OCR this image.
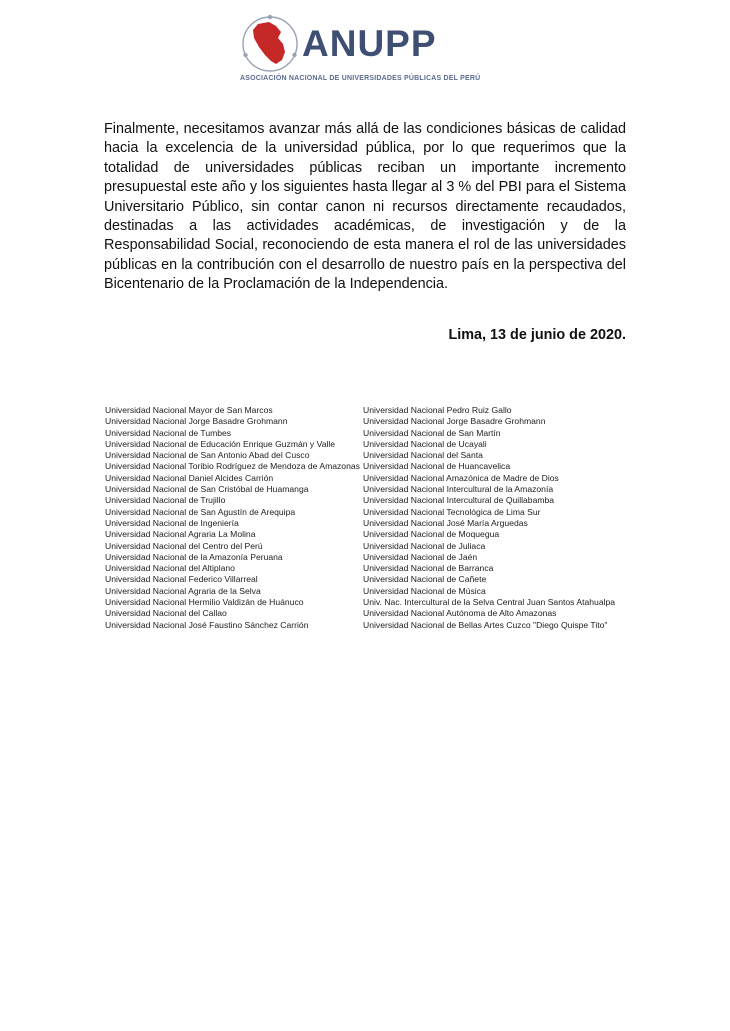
ANUPP
ASOCIACIÓN NACIONAL DE UNIVERSIDADES PÚBLICAS DEL PERÚ
Finalmente, necesitamos avanzar más allá de las condiciones básicas de calidad hacia la excelencia de la universidad pública, por lo que requerimos que la totalidad de universidades públicas reciban un importante incremento presupuestal este año y los siguientes hasta llegar al 3 % del PBI para el Sistema Universitario Público, sin contar canon ni recursos directamente recaudados, destinadas a las actividades académicas, de investigación y de la Responsabilidad Social, reconociendo de esta manera el rol de las universidades públicas en la contribución con el desarrollo de nuestro país en la perspectiva del Bicentenario de la Proclamación de la Independencia.
Lima, 13 de junio de 2020.
Universidad Nacional Mayor de San Marcos
Universidad Nacional Jorge Basadre Grohmann
Universidad Nacional de Tumbes
Universidad Nacional de Educación Enrique Guzmán y Valle
Universidad Nacional de San Antonio Abad del Cusco
Universidad Nacional Toribio Rodríguez de Mendoza de Amazonas
Universidad Nacional Daniel Alcides Carrión
Universidad Nacional de San Cristóbal de Huamanga
Universidad Nacional de Trujillo
Universidad Nacional de San Agustín de Arequipa
Universidad Nacional de Ingeniería
Universidad Nacional Agraria La Molina
Universidad Nacional del Centro del Perú
Universidad Nacional de la Amazonía Peruana
Universidad Nacional del Altiplano
Universidad Nacional Federico Villarreal
Universidad Nacional Agraria de la Selva
Universidad Nacional Hermilio Valdizán de Huánuco
Universidad Nacional del Callao
Universidad Nacional José Faustino Sánchez Carrión
Universidad Nacional Pedro Ruiz Gallo
Universidad Nacional Jorge Basadre Grohmann
Universidad Nacional de San Martín
Universidad Nacional de Ucayali
Universidad Nacional del Santa
Universidad Nacional de Huancavelica
Universidad Nacional Amazónica de Madre de Dios
Universidad Nacional Intercultural de la Amazonía
Universidad Nacional Intercultural de Quillabamba
Universidad Nacional Tecnológica de Lima Sur
Universidad Nacional José María Arguedas
Universidad Nacional de Moquegua
Universidad Nacional de Juliaca
Universidad Nacional de Jaén
Universidad Nacional de Barranca
Universidad Nacional de Cañete
Universidad Nacional de Música
Univ. Nac. Intercultural de la Selva Central Juan Santos Atahualpa
Universidad Nacional Autónoma de Alto Amazonas
Universidad Nacional de Bellas Artes Cuzco "Diego Quispe Tito"
